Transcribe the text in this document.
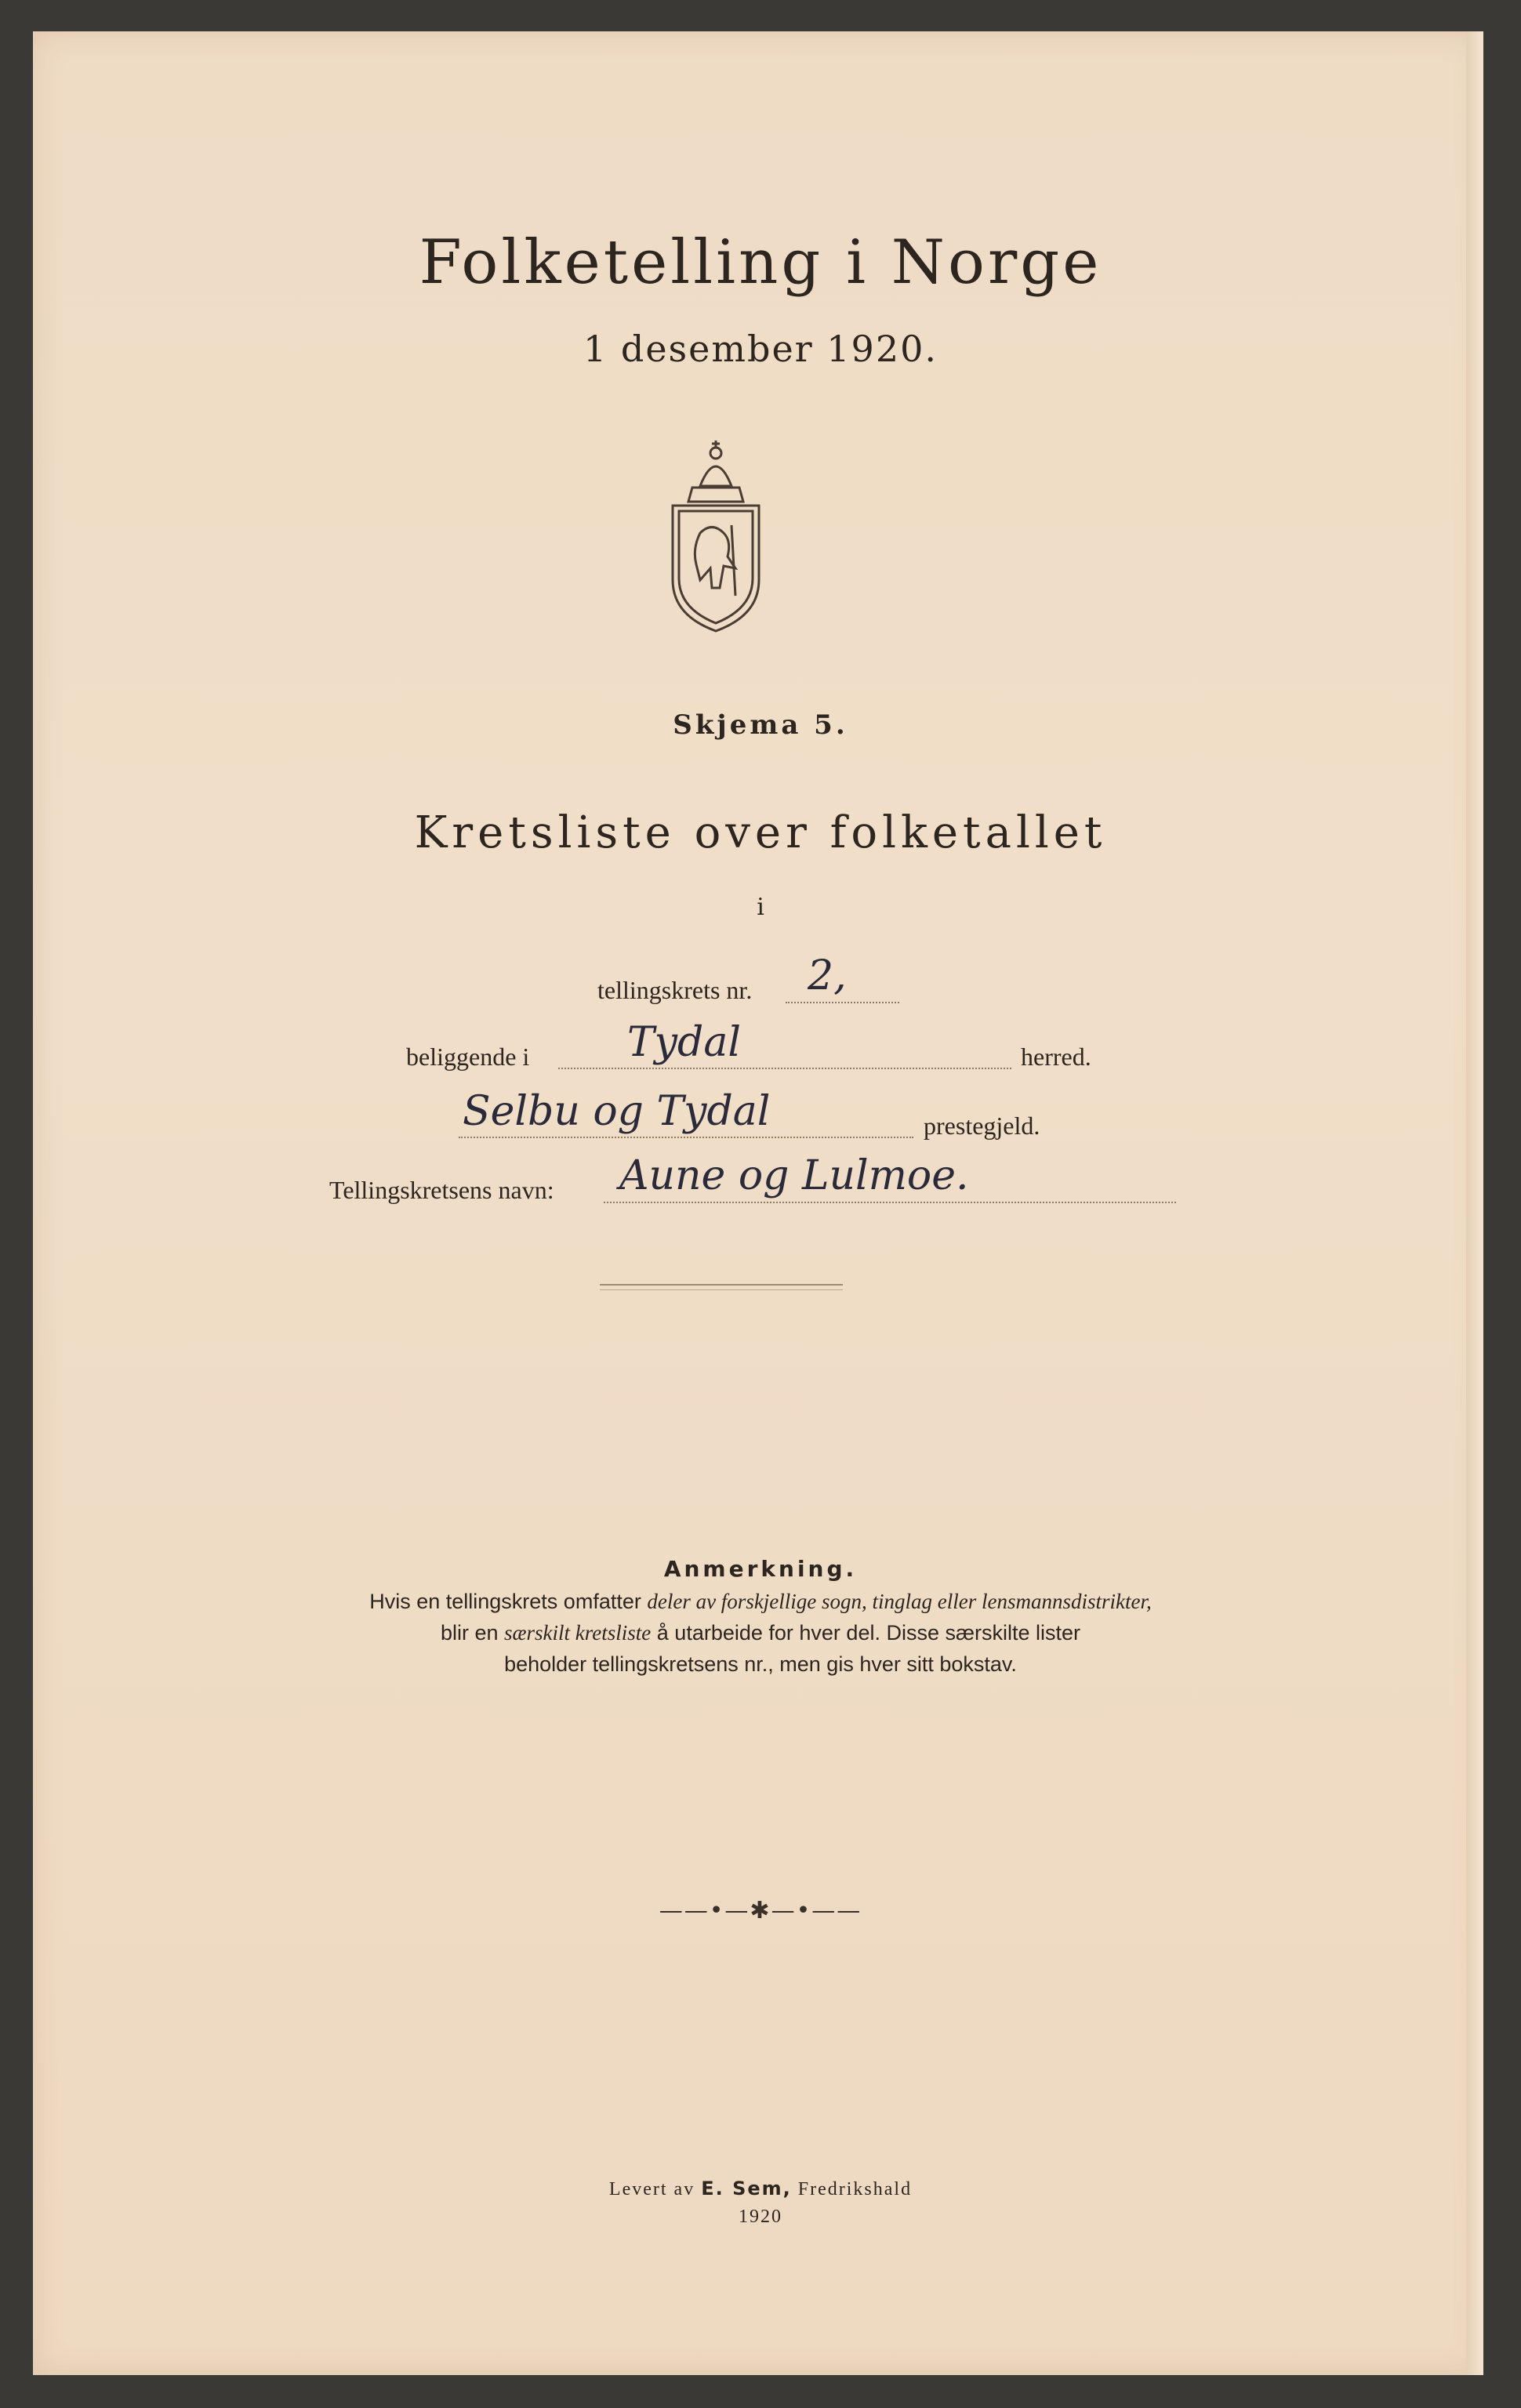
Folketelling i Norge
1 desember 1920.
Skjema 5.
Kretsliste over folketallet
i
tellingskrets nr. 2,
beliggende i Tydal	herred.
Selbu og Tydal	prestegjeld.
Tellingskretsens navn: Aune og Lulmoe.
Anmerkning.
Hvis en tellingskrets omfatter deler av forskjellige sogn, tinglag eller lensmannsdistrikter,
blir en særskilt kretsliste å utarbeide for hver del. Disse særskilte lister
beholder tellingskretsens nr., men gis hver sitt bokstav.
——•—✱—•——
Levert av E. Sem, Fredrikshald
1920
